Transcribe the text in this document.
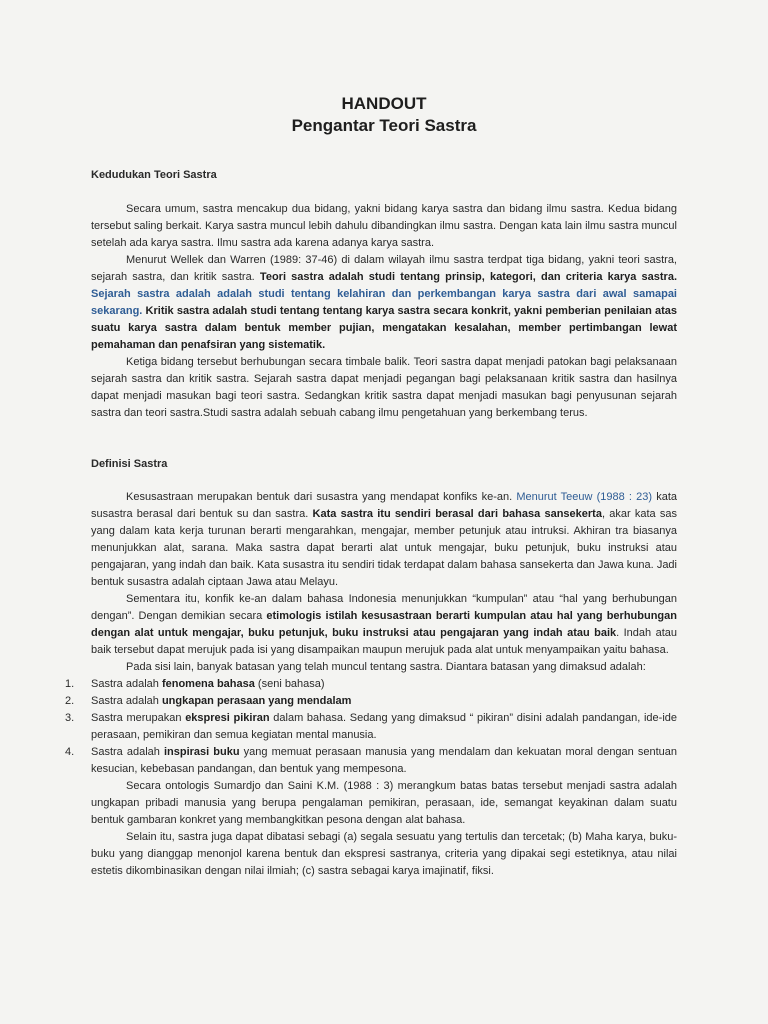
HANDOUT
Pengantar Teori Sastra
Kedudukan Teori Sastra

Secara umum, sastra mencakup dua bidang, yakni bidang karya sastra dan bidang ilmu sastra. Kedua bidang tersebut saling berkait. Karya sastra muncul lebih dahulu dibandingkan ilmu sastra. Dengan kata lain ilmu sastra muncul setelah ada karya sastra. Ilmu sastra ada karena adanya karya sastra.

Menurut Wellek dan Warren (1989: 37-46) di dalam wilayah ilmu sastra terdpat tiga bidang, yakni teori sastra, sejarah sastra, dan kritik sastra. Teori sastra adalah studi tentang prinsip, kategori, dan criteria karya sastra. Sejarah sastra adalah adalah studi tentang kelahiran dan perkembangan karya sastra dari awal samapai sekarang. Kritik sastra adalah studi tentang tentang karya sastra secara konkrit, yakni pemberian penilaian atas suatu karya sastra dalam bentuk member pujian, mengatakan kesalahan, member pertimbangan lewat pemahaman dan penafsiran yang sistematik.

Ketiga bidang tersebut berhubungan secara timbale balik. Teori sastra dapat menjadi patokan bagi pelaksanaan sejarah sastra dan kritik sastra. Sejarah sastra dapat menjadi pegangan bagi pelaksanaan kritik sastra dan hasilnya dapat menjadi masukan bagi teori sastra. Sedangkan kritik sastra dapat menjadi masukan bagi penyusunan sejarah sastra dan teori sastra.Studi sastra adalah sebuah cabang ilmu pengetahuan yang berkembang terus.

Definisi Sastra

Kesusastraan merupakan bentuk dari susastra yang mendapat konfiks ke-an. Menurut Teeuw (1988 : 23) kata susastra berasal dari bentuk su dan sastra. Kata sastra itu sendiri berasal dari bahasa sansekerta, akar kata sas yang dalam kata kerja turunan berarti mengarahkan, mengajar, member petunjuk atau intruksi. Akhiran tra biasanya menunjukkan alat, sarana. Maka sastra dapat berarti alat untuk mengajar, buku petunjuk, buku instruksi atau pengajaran, yang indah dan baik. Kata susastra itu sendiri tidak terdapat dalam bahasa sansekerta dan Jawa kuna. Jadi bentuk susastra adalah ciptaan Jawa atau Melayu.

Sementara itu, konfik ke-an dalam bahasa Indonesia menunjukkan “kumpulan” atau “hal yang berhubungan dengan”. Dengan demikian secara etimologis istilah kesusastraan berarti kumpulan atau hal yang berhubungan dengan alat untuk mengajar, buku petunjuk, buku instruksi atau pengajaran yang indah atau baik. Indah atau baik tersebut dapat merujuk pada isi yang disampaikan maupun merujuk pada alat untuk menyampaikan yaitu bahasa.

Pada sisi lain, banyak batasan yang telah muncul tentang sastra. Diantara batasan yang dimaksud adalah:

1. Sastra adalah fenomena bahasa (seni bahasa)
2. Sastra adalah ungkapan perasaan yang mendalam
3. Sastra merupakan ekspresi pikiran dalam bahasa. Sedang yang dimaksud “ pikiran” disini adalah pandangan, ide-ide perasaan, pemikiran dan semua kegiatan mental manusia.
4. Sastra adalah inspirasi buku yang memuat perasaan manusia yang mendalam dan kekuatan moral dengan sentuan kesucian, kebebasan pandangan, dan bentuk yang mempesona.

Secara ontologis Sumardjo dan Saini K.M. (1988 : 3) merangkum batas batas tersebut menjadi sastra adalah ungkapan pribadi manusia yang berupa pengalaman pemikiran, perasaan, ide, semangat keyakinan dalam suatu bentuk gambaran konkret yang membangkitkan pesona dengan alat bahasa.

Selain itu, sastra juga dapat dibatasi sebagi (a) segala sesuatu yang tertulis dan tercetak; (b) Maha karya, buku-buku yang dianggap menonjol karena bentuk dan ekspresi sastranya, criteria yang dipakai segi estetiknya, atau nilai estetis dikombinasikan dengan nilai ilmiah; (c) sastra sebagai karya imajinatif, fiksi.
